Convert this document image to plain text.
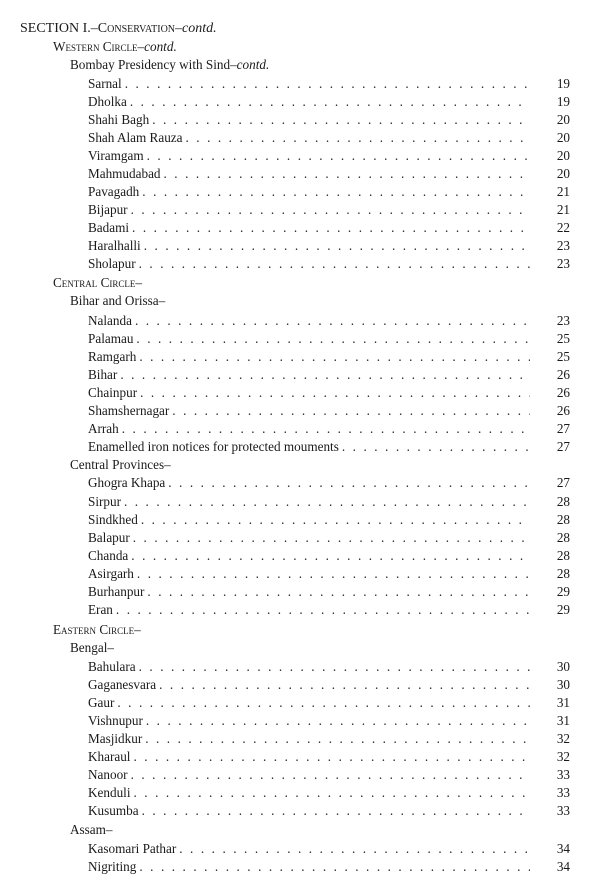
SECTION I.–Conservation–contd.
Western Circle–contd.
Bombay Presidency with Sind–contd.
Sarnal . . .	19
Dholka . . .	19
Shahi Bagh . . .	20
Shah Alam Rauza . . .	20
Viramgam . . .	20
Mahmudabad . . .	20
Pavagadh . . .	21
Bijapur . . .	21
Badami . . .	22
Haralhalli . . .	23
Sholapur . . .	23
Central Circle–
Bihar and Orissa–
Nalanda . . .	23
Palamau . . .	25
Ramgarh . . .	25
Bihar . . .	26
Chainpur . . .	26
Shamshernagar . . .	26
Arrah . . .	27
Enamelled iron notices for protected mouments . . .	27
Central Provinces–
Ghogra Khapa . . .	27
Sirpur . . .	28
Sindkhed . . .	28
Balapur . . .	28
Chanda . . .	28
Asirgarh . . .	28
Burhanpur . . .	29
Eran . . .	29
Eastern Circle–
Bengal–
Bahulara . . .	30
Gaganesvara . . .	30
Gaur . . .	31
Vishnupur . . .	31
Masjidkur . . .	32
Kharaul . . .	32
Nanoor . . .	33
Kenduli . . .	33
Kusumba . . .	33
Assam–
Kasomari Pathar . . .	34
Nigriting . . .	34
